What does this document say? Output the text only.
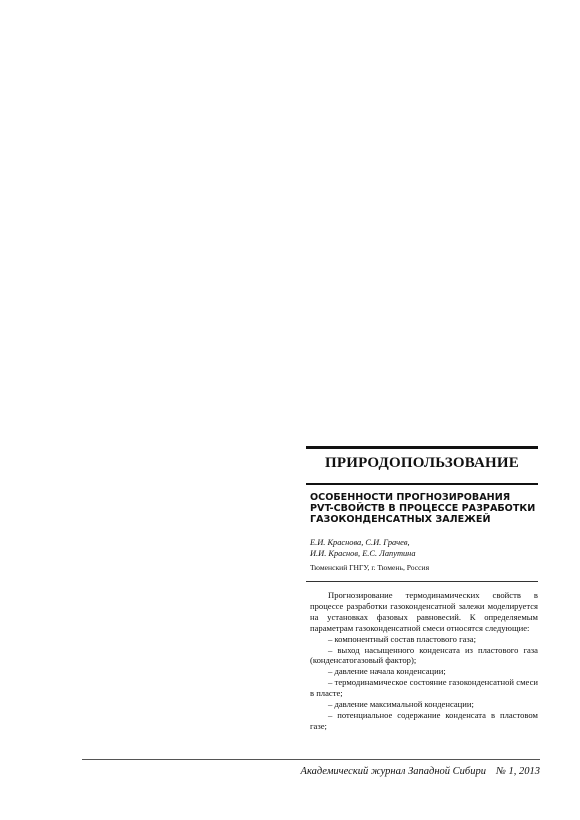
ПРИРОДОПОЛЬЗОВАНИЕ
ОСОБЕННОСТИ ПРОГНОЗИРОВАНИЯ
PVT-СВОЙСТВ В ПРОЦЕССЕ РАЗРАБОТКИ
ГАЗОКОНДЕНСАТНЫХ ЗАЛЕЖЕЙ
Е.И. Краснова, С.И. Грачев,
И.И. Краснов, Е.С. Лапутина
Тюменский ГНГУ, г. Тюмень, Россия

Прогнозирование термодинамических свойств в процессе разработки газоконденсатной залежи моделируется на установках фазовых равновесий. К определяемым параметрам газоконденсатной смеси относятся следующие:

– компонентный состав пластового газа;

– выход насыщенного конденсата из пластового газа (конденсатогазовый фактор);

– давление начала конденсации;

– термодинамическое состояние газоконденсатной смеси в пласте;

– давление максимальной конденсации;

– потенциальное содержание конденсата в пластовом газе;

Академический журнал Западной Сибири № 1, 2013
